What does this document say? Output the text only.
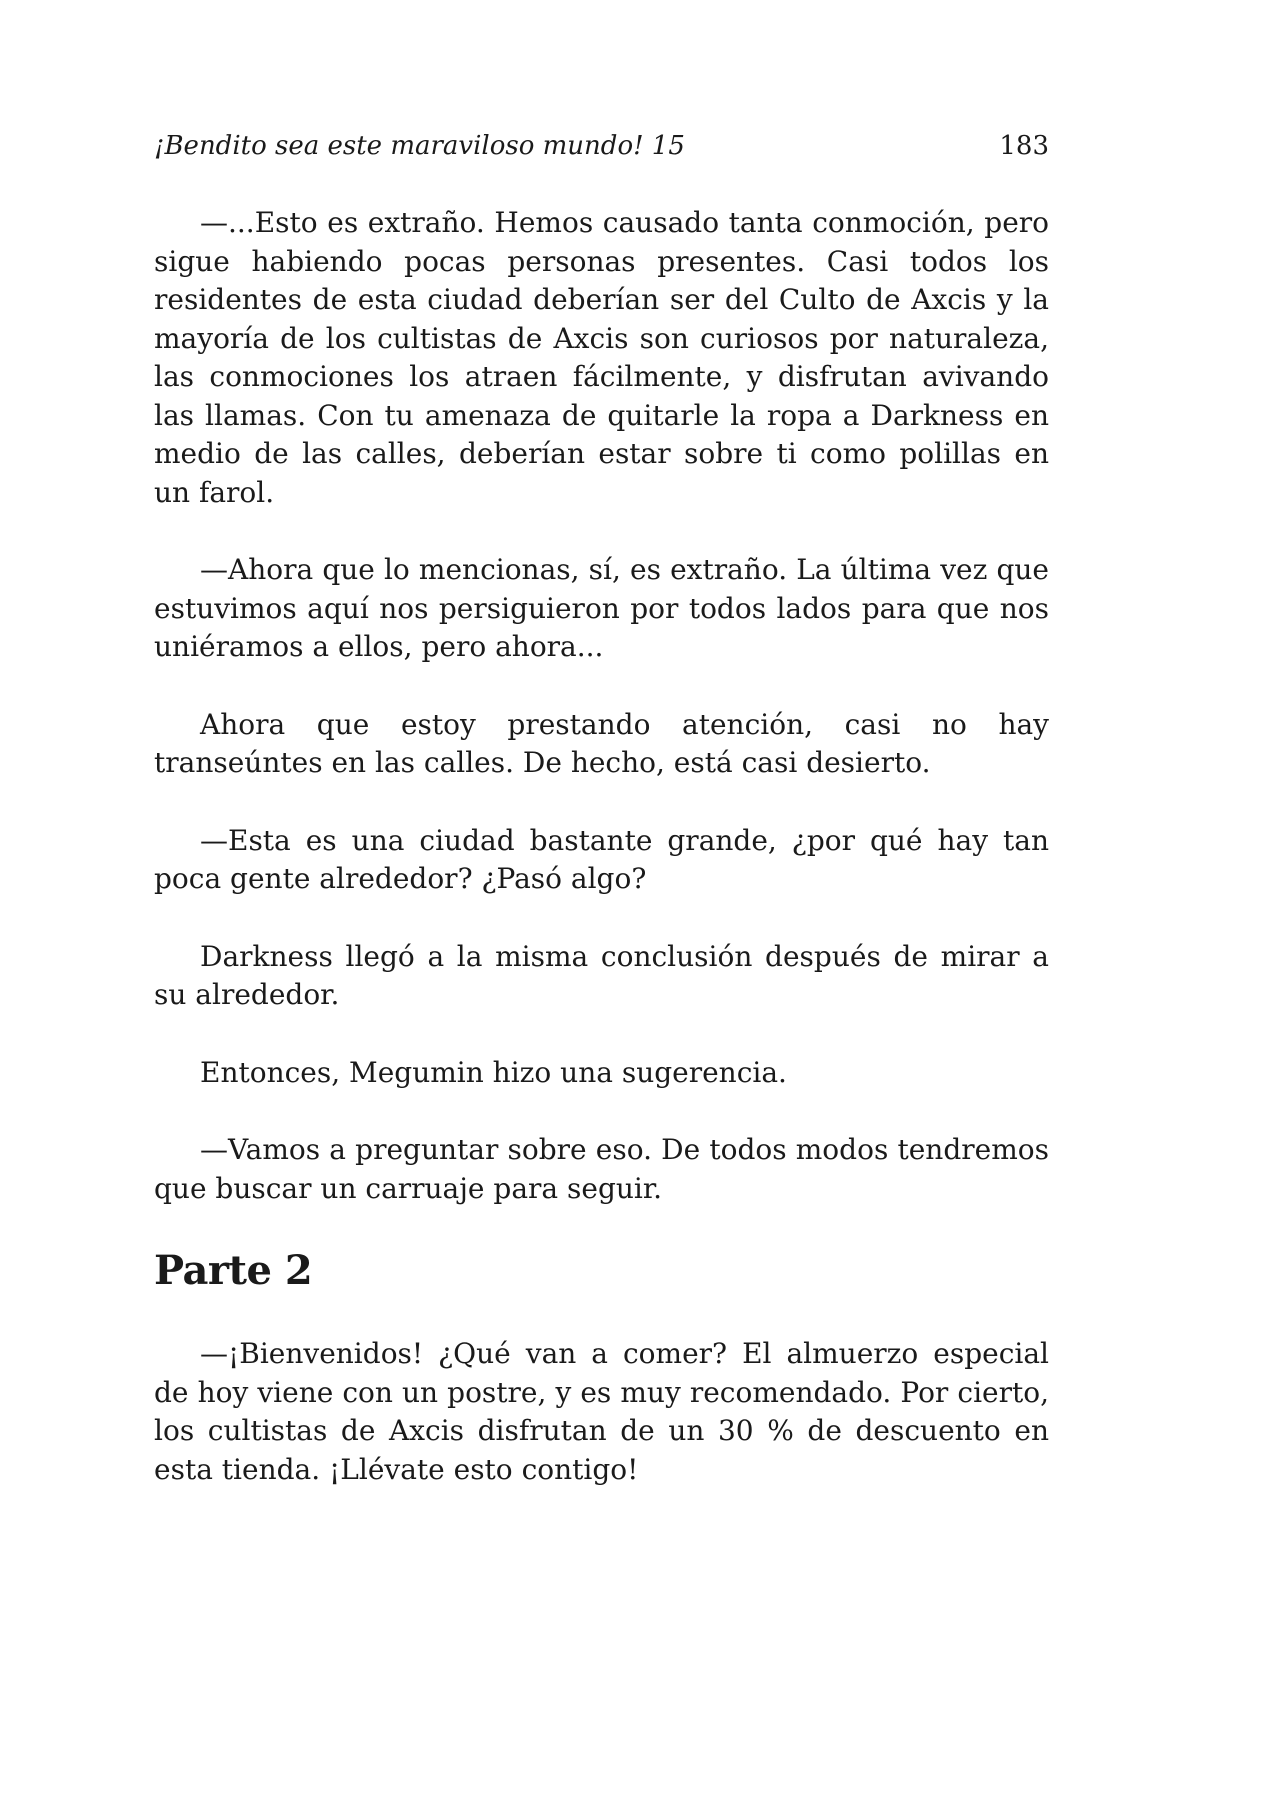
¡Bendito sea este maraviloso mundo! 15	183

—...Esto es extraño. Hemos causado tanta conmoción, pero sigue habiendo pocas personas presentes. Casi todos los residentes de esta ciudad deberían ser del Culto de Axcis y la mayoría de los cultistas de Axcis son curiosos por naturaleza, las conmociones los atraen fácilmente, y disfrutan avivando las llamas. Con tu amenaza de quitarle la ropa a Darkness en medio de las calles, deberían estar sobre ti como polillas en un farol.

—Ahora que lo mencionas, sí, es extraño. La última vez que estuvimos aquí nos persiguieron por todos lados para que nos uniéramos a ellos, pero ahora...

Ahora que estoy prestando atención, casi no hay transeúntes en las calles. De hecho, está casi desierto.

—Esta es una ciudad bastante grande, ¿por qué hay tan poca gente alrededor? ¿Pasó algo?

Darkness llegó a la misma conclusión después de mirar a su alrededor.

Entonces, Megumin hizo una sugerencia.

—Vamos a preguntar sobre eso. De todos modos tendremos que buscar un carruaje para seguir.

Parte 2

—¡Bienvenidos! ¿Qué van a comer? El almuerzo especial de hoy viene con un postre, y es muy recomendado. Por cierto, los cultistas de Axcis disfrutan de un 30 % de descuento en esta tienda. ¡Llévate esto contigo!
